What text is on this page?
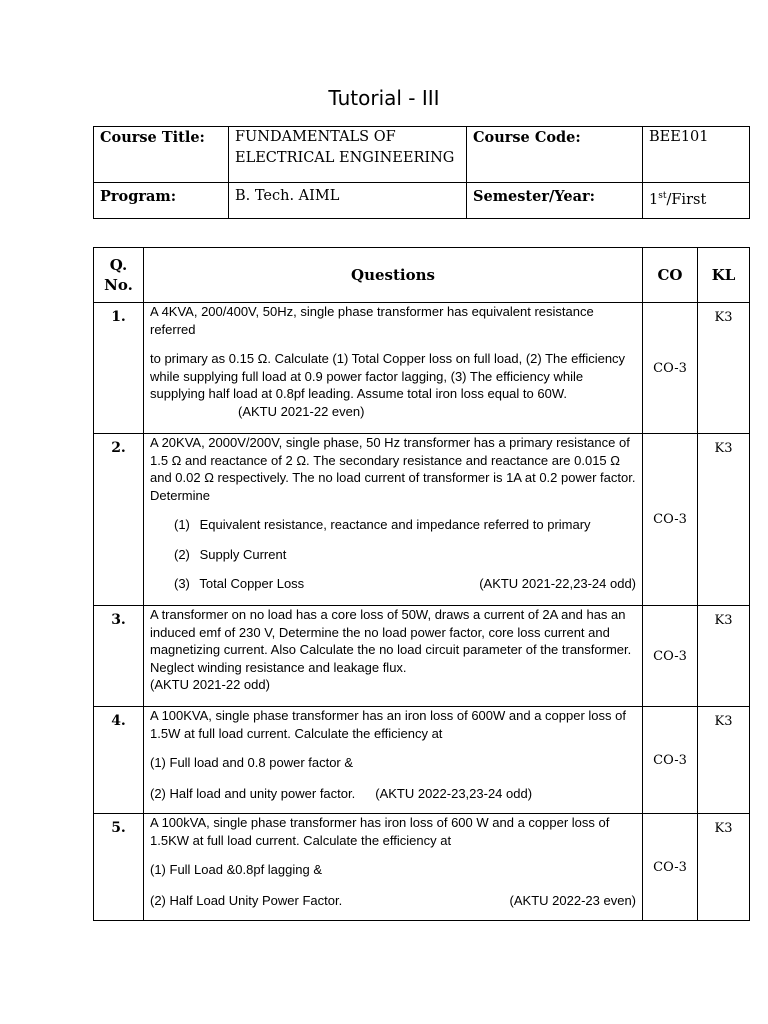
Tutorial - III
Course Title:	FUNDAMENTALS OF ELECTRICAL ENGINEERING	Course Code:	BEE101
Program:	B. Tech. AIML	Semester/Year:	1st/First
Q. No.	Questions	CO	KL
1.	A 4KVA, 200/400V, 50Hz, single phase transformer has equivalent resistance referred

to primary as 0.15 Ω. Calculate (1) Total Copper loss on full load, (2) The efficiency while supplying full load at 0.9 power factor lagging, (3) The efficiency while supplying half load at 0.8pf leading. Assume total iron loss equal to 60W.(AKTU 2021-22 even)	CO-3	K3
2.	A 20KVA, 2000V/200V, single phase, 50 Hz transformer has a primary resistance of 1.5 Ω and reactance of 2 Ω. The secondary resistance and reactance are 0.015 Ω and 0.02 Ω respectively. The no load current of transformer is 1A at 0.2 power factor. Determine

(1) Equivalent resistance, reactance and impedance referred to primary

(2) Supply Current

(3) Total Copper Loss (AKTU 2021-22,23-24 odd)	CO-3	K3
3.	A transformer on no load has a core loss of 50W, draws a current of 2A and has an induced emf of 230 V, Determine the no load power factor, core loss current and magnetizing current. Also Calculate the no load circuit parameter of the transformer. Neglect winding resistance and leakage flux.

(AKTU 2021-22 odd)	CO-3	K3
4.	A 100KVA, single phase transformer has an iron loss of 600W and a copper loss of 1.5W at full load current. Calculate the efficiency at

(1) Full load and 0.8 power factor &

(2) Half load and unity power factor. (AKTU 2022-23,23-24 odd)	CO-3	K3
5.	A 100kVA, single phase transformer has iron loss of 600 W and a copper loss of 1.5KW at full load current. Calculate the efficiency at

(1) Full Load &0.8pf lagging &

(2) Half Load Unity Power Factor. (AKTU 2022-23 even)	CO-3	K3
